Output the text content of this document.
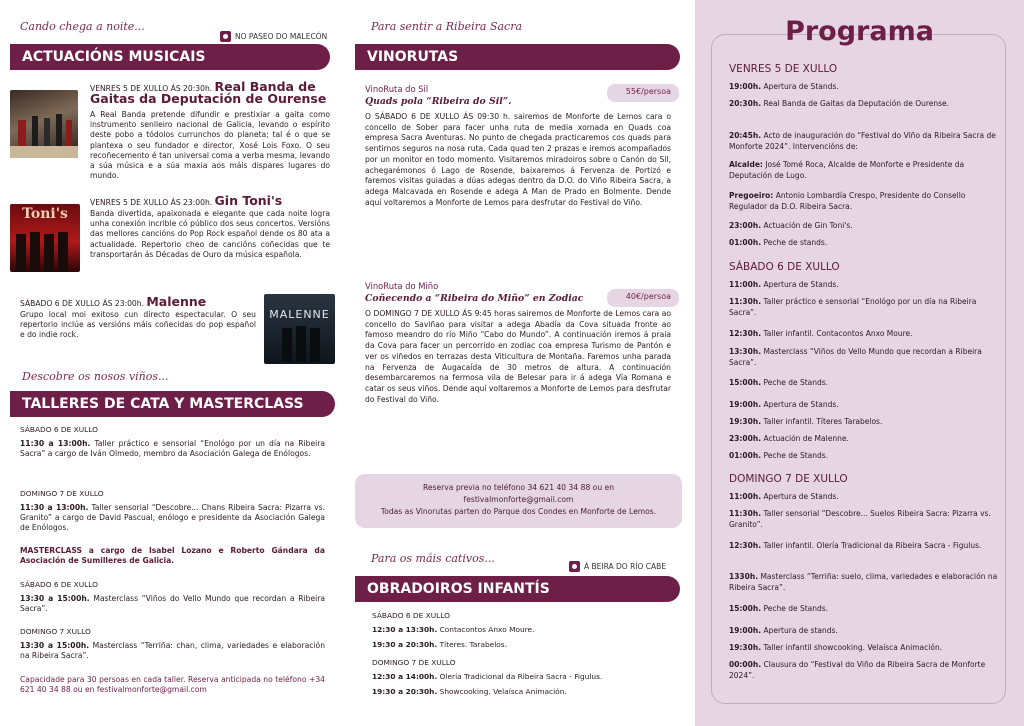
Cando chega a noite...
NO PASEO DO MALECÓN
ACTUACIÓNS MUSICAIS
VENRES 5 DE XULLO ÁS 20:30h. Real Banda de Gaitas da Deputación de Ourense
A Real Banda pretende difundir e prestixiar a gaita como instrumento senlleiro nacional de Galicia, levando o espírito deste pobo a tódolos currunchos do planeta; tal é o que se plantexa o seu fundador e director, Xosé Lois Foxo. O seu recoñecemento é tan universal coma a verba mesma, levando a súa música e a súa maxia aos máis dispares lugares do mundo.
Toni's
VENRES 5 DE XULLO ÁS 23:00h. Gin Toni's
Banda divertida, apaixonada e elegante que cada noite logra unha conexión incrible có público dos seus concertos. Versións das mellores cancións do Pop Rock español dende os 80 ata a actualidade. Repertorio cheo de cancións coñecidas que te transportarán ás Décadas de Ouro da música española.
SÁBADO 6 DE XULLO ÁS 23:00h. Malenne
Grupo local moi exitoso cun directo espectacular. O seu repertorio inclúe as versións máis coñecidas do pop español e do indie rock.
MALENNE
Descobre os nosos viños...
TALLERES DE CATA Y MASTERCLASS
SÁBADO 6 DE XULLO
11:30 a 13:00h. Taller práctico e sensorial “Enológo por un día na Ribeira Sacra” a cargo de Iván Olmedo, membro da Asociación Galega de Enólogos.
DOMINGO 7 DE XULLO
11:30 a 13:00h. Taller sensorial “Descobre... Chans Ribeira Sacra: Pizarra vs. Granito” a cargo de David Pascual, enólogo e presidente da Asociación Galega de Enólogos.
MASTERCLASS a cargo de Isabel Lozano e Roberto Gándara da Asociación de Sumilleres de Galicia.
SÁBADO 6 DE XULLO
13:30 a 15:00h. Masterclass “Viños do Vello Mundo que recordan a Ribeira Sacra”.
DOMINGO 7 XULLO
13:30 a 15:00h. Masterclass “Terriña: chan, clima, variedades e elaboración na Ribeira Sacra”.
Capacidade para 30 persoas en cada taller. Reserva anticipada no teléfono +34 621 40 34 88 ou en festivalmonforte@gmail.com
Para sentir a Ribeira Sacra
VINORUTAS
VinoRuta do Sil
Quads pola “Ribeira do Sil”.
55€/persoa
O SÁBADO 6 DE XULLO ÁS 09:30 h. sairemos de Monforte de Lemos cara o concello de Sober para facer unha ruta de media xornada en Quads coa empresa Sacra Aventuras. No punto de chegada practicaremos cos quads para sentirnos seguros na nosa ruta. Cada quad ten 2 prazas e iremos acompañados por un monitor en todo momento. Visitaremos miradoiros sobre o Canón do Sil, achegarémonos ó Lago de Rosende, baixaremos á Fervenza de Portizó e faremos visitas guiadas a dúas adegas dentro da D.O. do Viño Ribeira Sacra, a adega Malcavada en Rosende e adega A Man de Prado en Bolmente. Dende aquí voltaremos a Monforte de Lemos para desfrutar do Festival do Viño.
VinoRuta do Miño
Coñecendo a “Ribeira do Miño” en Zodiac	40€/persoa
O DOMINGO 7 DE XULLO ÁS 9:45 horas sairemos de Monforte de Lemos cara ao concello do Saviñao para visitar a adega Abadía da Cova situada fronte ao famoso meandro do río Miño “Cabo do Mundo”. A continuación iremos á praia da Cova para facer un percorrido en zodiac coa empresa Turismo de Pantón e ver os viñedos en terrazas desta Viticultura de Montaña. Faremos unha parada na Fervenza de Augacaída de 30 metros de altura. A continuación desembarcaremos na fermosa vila de Belesar para ir á adega Vía Romana e catar os seus viños. Dende aquí voltaremos a Monforte de Lemos para desfrutar do Festival do Viño.
Reserva previa no teléfono 34 621 40 34 88 ou en
festivalmonforte@gmail.com
Todas as Vinorutas parten do Parque dos Condes en Monforte de Lemos.
Para os máis cativos...
Á BEIRA DO RÍO CABE
OBRADOIROS INFANTÍS
SÁBADO 6 DE XULLO
12:30 a 13:30h. Contacontos Anxo Moure.
19:30 a 20:30h. Títeres. Tarabelos.
DOMINGO 7 DE XULLO
12:30 a 14:00h. Olería Tradicional da Ribeira Sacra - Figulus.
19:30 a 20:30h. Showcooking. Velaísca Animación.
Programa
VENRES 5 DE XULLO
19:00h. Apertura de Stands.
20:30h. Real Banda de Gaitas da Deputación de Ourense.
20:45h. Acto de inauguración do “Festival do Viño da Ribeira Sacra de Monforte 2024”. Intervencións de:
Alcalde: José Tomé Roca, Alcalde de Monforte e Presidente da Deputación de Lugo.
Pregoeiro: Antonio Lombardía Crespo, Presidente do Consello Regulador da D.O. Ribeira Sacra.
23:00h. Actuación de Gin Toni's.
01:00h. Peche de stands.
SÁBADO 6 DE XULLO
11:00h. Apertura de Stands.
11:30h. Taller práctico e sensorial “Enológo por un día na Ribeira Sacra”.
12:30h. Taller infantil. Contacontos Anxo Moure.
13:30h. Masterclass “Viños do Vello Mundo que recordan a Ribeira Sacra”.
15:00h. Peche de Stands.
19:00h. Apertura de Stands.
19:30h. Taller infantil. Títeres Tarabelos.
23:00h. Actuación de Malenne.
01:00h. Peche de Stands.
DOMINGO 7 DE XULLO
11:00h. Apertura de Stands.
11:30h. Taller sensorial “Descobre... Suelos Ribeira Sacra: Pizarra vs. Granito”.
12:30h. Taller infantil. Olería Tradicional da Ribeira Sacra - Figulus.
1330h. Masterclass “Terriña: suelo, clima, variedades e elaboración na Ribeira Sacra”.
15:00h. Peche de Stands.
19:00h. Apertura de stands.
19:30h. Taller infantil showcooking. Velaísca Animación.
00:00h. Clausura do “Festival do Viño da Ribeira Sacra de Monforte 2024”.
